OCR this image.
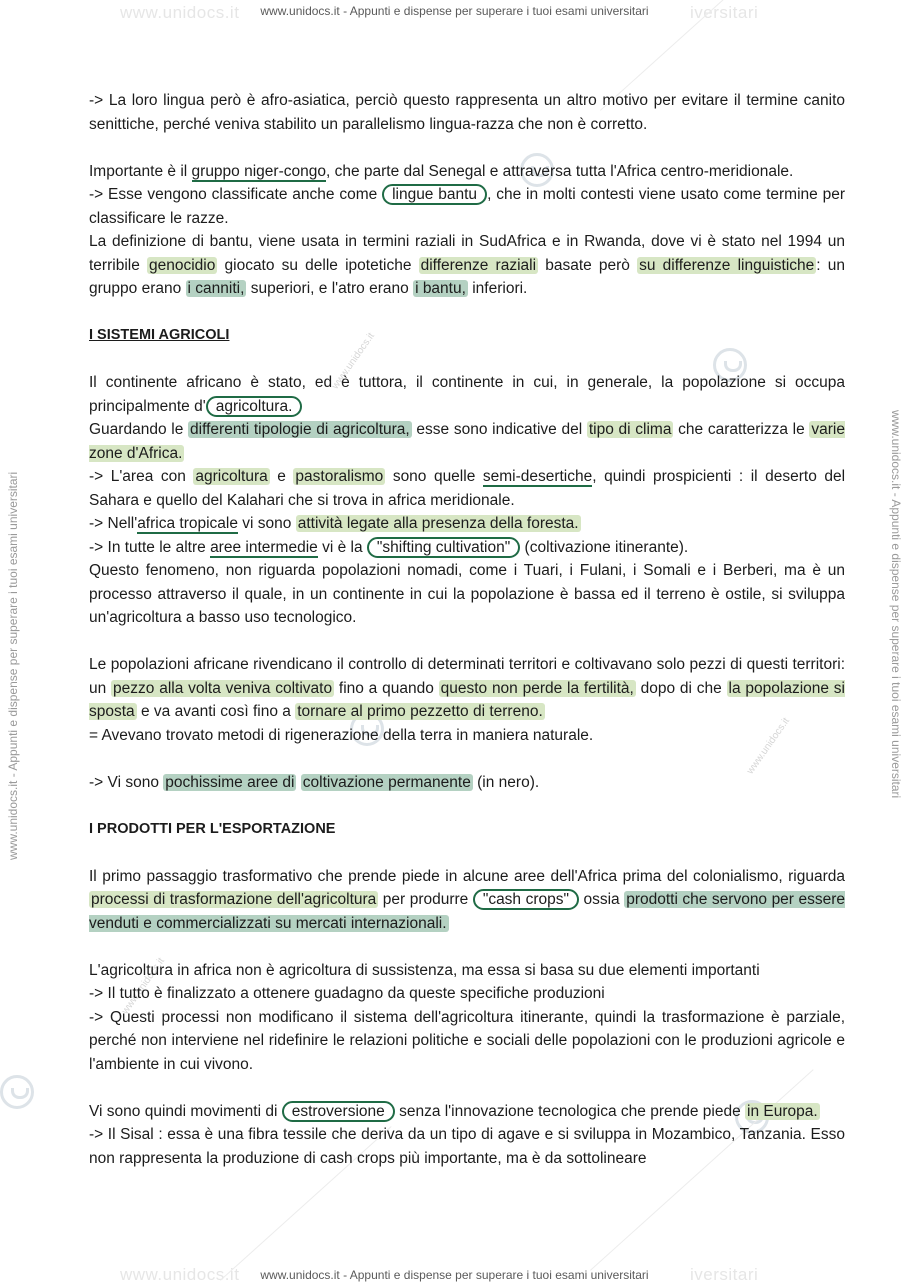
www.unidocs.it	iversitari
www.unidocs.it	iversitari
www.unidocs.it - Appunti e dispense per superare i tuoi esami universitari
www.unidocs.it - Appunti e dispense per superare i tuoi esami universitari
www.unidocs.it - Appunti e dispense per superare i tuoi esami universitari	www.unidocs.it - Appunti e dispense per superare i tuoi esami universitari
www.unidocs.it
www.unidocs.it
www.unidocs.it

-> La loro lingua però è afro-asiatica, perciò questo rappresenta un altro motivo per evitare il termine canito senittiche, perché veniva stabilito un parallelismo lingua-razza che non è corretto.

Importante è il gruppo niger-congo, che parte dal Senegal e attraversa tutta l'Africa centro-meridionale.
-> Esse vengono classificate anche come lingue bantu , che in molti contesti viene usato come termine per classificare le razze.
La definizione di bantu, viene usata in termini raziali in SudAfrica e in Rwanda, dove vi è stato nel 1994 un terribile genocidio giocato su delle ipotetiche differenze raziali basate però su differenze linguistiche : un gruppo erano i canniti, superiori, e l'atro erano i bantu, inferiori.

I SISTEMI AGRICOLI

Il continente africano è stato, ed è tuttora, il continente in cui, in generale, la popolazione si occupa principalmente d' agricoltura.
Guardando le differenti tipologie di agricoltura, esse sono indicative del tipo di clima che caratterizza le varie zone d'Africa.
-> L'area con agricoltura e pastoralismo sono quelle semi-desertiche, quindi prospicienti : il deserto del Sahara e quello del Kalahari che si trova in africa meridionale.
-> Nell'africa tropicale vi sono attività legate alla presenza della foresta.
-> In tutte le altre aree intermedie vi è la "shifting cultivation" (coltivazione itinerante).
Questo fenomeno, non riguarda popolazioni nomadi, come i Tuari, i Fulani, i Somali e i Berberi, ma è un processo attraverso il quale, in un continente in cui la popolazione è bassa ed il terreno è ostile, si sviluppa un'agricoltura a basso uso tecnologico.

Le popolazioni africane rivendicano il controllo di determinati territori e coltivavano solo pezzi di questi territori: un pezzo alla volta veniva coltivato fino a quando questo non perde la fertilità, dopo di che la popolazione si sposta e va avanti così fino a tornare al primo pezzetto di terreno.
= Avevano trovato metodi di rigenerazione della terra in maniera naturale.

-> Vi sono pochissime aree di coltivazione permanente (in nero).

I PRODOTTI PER L'ESPORTAZIONE

Il primo passaggio trasformativo che prende piede in alcune aree dell'Africa prima del colonialismo, riguarda processi di trasformazione dell'agricoltura per produrre "cash crops" ossia prodotti che servono per essere venduti e commercializzati su mercati internazionali.

L'agricoltura in africa non è agricoltura di sussistenza, ma essa si basa su due elementi importanti
-> Il tutto è finalizzato a ottenere guadagno da queste specifiche produzioni
-> Questi processi non modificano il sistema dell'agricoltura itinerante, quindi la trasformazione è parziale, perché non interviene nel ridefinire le relazioni politiche e sociali delle popolazioni con le produzioni agricole e l'ambiente in cui vivono.

Vi sono quindi movimenti di estroversione senza l'innovazione tecnologica che prende piede in Europa.
-> Il Sisal : essa è una fibra tessile che deriva da un tipo di agave e si sviluppa in Mozambico, Tanzania. Esso non rappresenta la produzione di cash crops più importante, ma è da sottolineare
